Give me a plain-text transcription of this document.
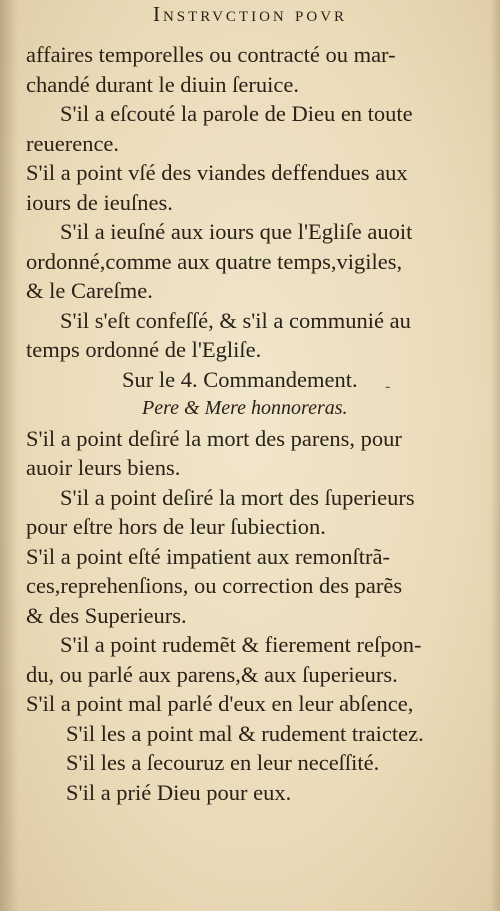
Instrvction povr
affaires temporelles ou contracté ou mar-
chandé durant le diuin ſeruice.
S'il a eſcouté la parole de Dieu en toute
reuerence.
S'il a point vſé des viandes deffendues aux
iours de ieuſnes.
S'il a ieuſné aux iours que l'Egliſe auoit
ordonné,comme aux quatre temps,vigiles,
& le Careſme.
S'il s'eſt confeſſé, & s'il a communié au
temps ordonné de l'Egliſe.
Sur le 4. Commandement.
Pere & Mere honnoreras.
S'il a point deſiré la mort des parens, pour
auoir leurs biens.
S'il a point deſiré la mort des ſuperieurs
pour eſtre hors de leur ſubiection.
S'il a point eſté impatient aux remonſtrã-
ces,reprehenſions, ou correction des parẽs
& des Superieurs.
S'il a point rudemẽt & fierement reſpon-
du, ou parlé aux parens,& aux ſuperieurs.
S'il a point mal parlé d'eux en leur abſence,
S'il les a point mal & rudement traictez.
S'il les a ſecouruz en leur neceſſité.
S'il a prié Dieu pour eux.
-
